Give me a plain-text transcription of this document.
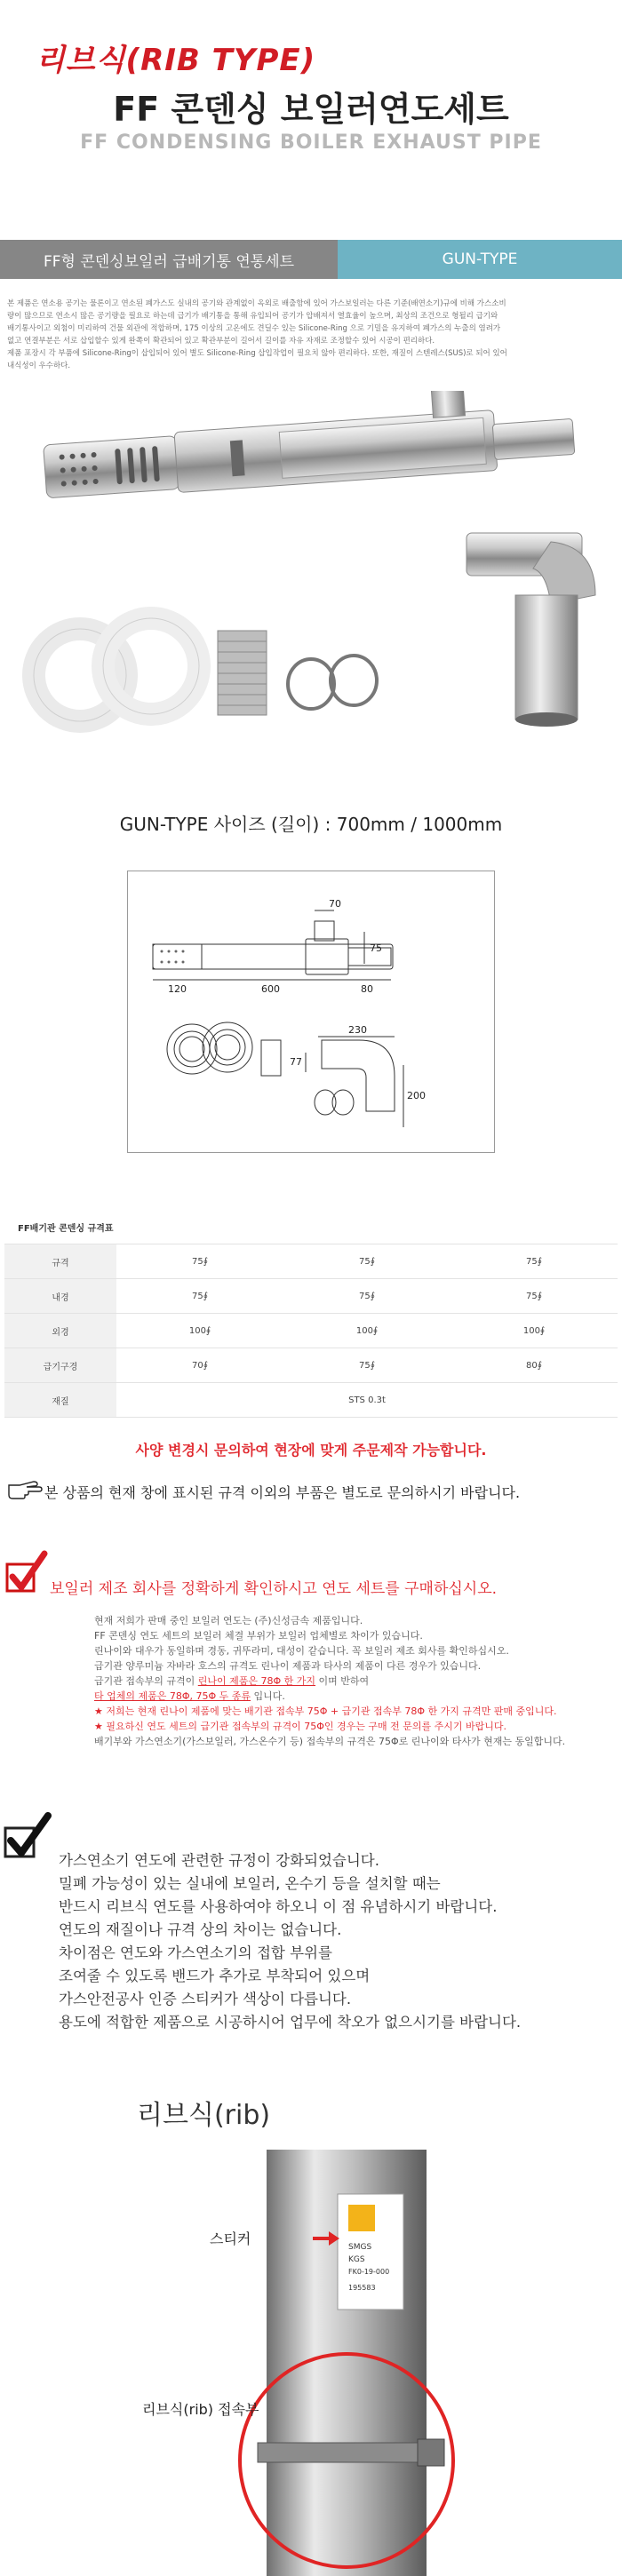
리브식(RIB TYPE)
FF 콘덴싱 보일러연도세트
FF CONDENSING BOILER EXHAUST PIPE
FF형 콘덴싱보일러 급배기통 연통세트	GUN-TYPE
본 제품은 연소용 공기는 물론이고 연소된 폐가스도 실내의 공기와 관계없이 옥외로 배출함에 있어 가스보일러는 다른 기준(배연소기)규에 비해 가스소비
량이 많으므로 연소시 많은 공기량을 필요로 하는데 급기가 배기통을 통해 유입되어 공기가 압배져서 열효율이 높으며, 최상의 조건으로 형될리 급기와
배기통사이고 외첨이 미리하여 건물 외관에 적합하며, 175 이상의 고온에도 견딜수 있는 Silicone-Ring 으로 기밀을 유지하여 폐가스의 누출의 염려가
없고 연결부분은 서로 삽입할수 있게 완쪽이 확관되어 있고 확관부분이 길어서 길이를 자유 자재로 조정할수 있어 시공이 편리하다.
제품 포장시 각 부품에 Silicone-Ring이 삽입되어 있어 별도 Silicone-Ring 삽입작업이 필요치 않아 편리하다. 또한, 재질이 스텐레스(SUS)로 되어 있어
내식성이 우수하다.
GUN-TYPE 사이즈 (길이) : 700mm / 1000mm
70
75
120	600	80
230
77
200
FF배기관 콘덴싱 규격표
규격	75∮	75∮	75∮
내경	75∮	75∮	75∮
외경	100∮	100∮	100∮
급기구경	70∮	75∮	80∮
재질	STS 0.3t		
사양 변경시 문의하여 현장에 맞게 주문제작 가능합니다.
본 상품의 현재 창에 표시된 규격 이외의 부품은 별도로 문의하시기 바랍니다.
보일러 제조 회사를 정확하게 확인하시고 연도 세트를 구매하십시오.
현재 저희가 판매 중인 보일러 연도는 (주)신성금속 제품입니다.
FF 콘덴싱 연도 세트의 보일러 체결 부위가 보일러 업체별로 차이가 있습니다.
린나이와 대우가 동일하며 경동, 귀뚜라미, 대성이 같습니다. 꼭 보일러 제조 회사를 확인하십시오.
급기관 양루미늄 자바라 호스의 규격도 린나이 제품과 타사의 제품이 다른 경우가 있습니다.
급기관 접속부의 규격이 린나이 제품은 78Φ 한 가지 이며 반하여
타 업체의 제품은 78Φ, 75Φ 두 종류 입니다.
★ 저희는 현재 린나이 제품에 맞는 배기관 접속부 75Φ + 급기관 접속부 78Φ 한 가지 규격만 판매 중입니다.
★ 필요하신 연도 세트의 급기관 접속부의 규격이 75Φ인 경우는 구매 전 문의를 주시기 바랍니다.
배기부와 가스연소기(가스보일러, 가스온수기 등) 접속부의 규격은 75Φ로 린나이와 타사가 현재는 동일합니다.
가스연소기 연도에 관련한 규정이 강화되었습니다.
밀폐 가능성이 있는 실내에 보일러, 온수기 등을 설치할 때는
반드시 리브식 연도를 사용하여야 하오니 이 점 유념하시기 바랍니다.
연도의 재질이나 규격 상의 차이는 없습니다.
차이점은 연도와 가스연소기의 접합 부위를
조여줄 수 있도록 밴드가 추가로 부착되어 있으며
가스안전공사 인증 스티커가 색상이 다릅니다.
용도에 적합한 제품으로 시공하시어 업무에 착오가 없으시기를 바랍니다.
리브식(rib)
SMGS
KGS
FK0-19-000
195583
스티커
리브식(rib) 접속부
